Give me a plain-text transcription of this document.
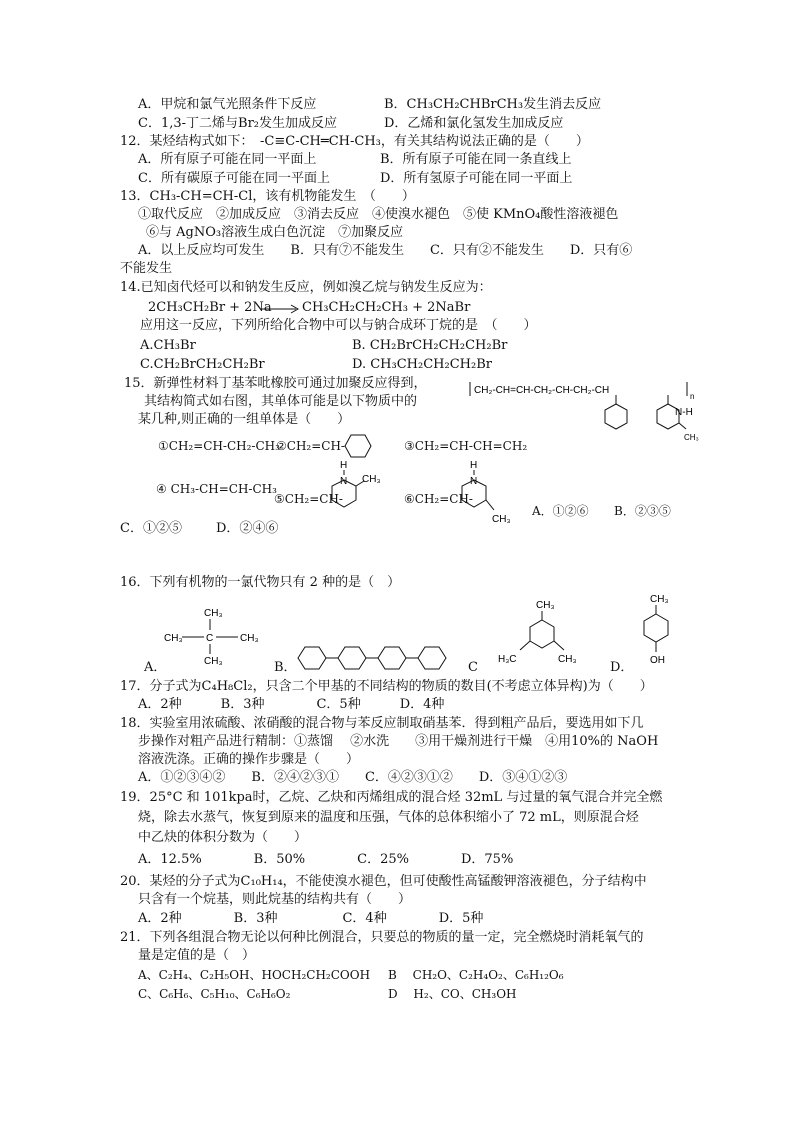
A．甲烷和氯气光照条件下反应	B．CH₃CH₂CHBrCH₃发生消去反应
C．1,3-丁二烯与Br₂发生加成反应	D．乙烯和氯化氢发生加成反应
12．某烃结构式如下：　-C≡C-CH═CH-CH₃，有关其结构说法正确的是（　　）
A．所有原子可能在同一平面上	B．所有原子可能在同一条直线上
C．所有碳原子可能在同一平面上	D．所有氢原子可能在同一平面上
13．CH₃-CH=CH-Cl，该有机物能发生　（　　）
①取代反应　②加成反应　③消去反应　④使溴水褪色　⑤使 KMnO₄酸性溶液褪色
⑥与 AgNO₃溶液生成白色沉淀　⑦加聚反应
A．以上反应均可发生　　B．只有⑦不能发生　　C．只有②不能发生　　D．只有⑥
不能发生
14.已知卤代烃可以和钠发生反应，例如溴乙烷与钠发生反应为：
2CH₃CH₂Br + 2Na → CH₃CH₂CH₂CH₃ + 2NaBr
应用这一反应，下列所给化合物中可以与钠合成环丁烷的是　（　　）
A.CH₃Br	B. CH₂BrCH₂CH₂CH₂Br
C.CH₂BrCH₂CH₂Br	D. CH₃CH₂CH₂CH₂Br
15．新弹性材料丁基苯吡橡胶可通过加聚反应得到，
其结构简式如右图，其单体可能是以下物质中的
某几种,则正确的一组单体是（　　）
CH₂-CH=CH-CH₂-CH-CH₂-CH
n
N-H
CH₃
①CH₂=CH-CH₂-CH₃
②CH₂=CH-	③CH₂=CH-CH=CH₂
④ CH₃-CH=CH-CH₃
⑤CH₂=CH-
H
N CH₃
⑥CH₂=CH-
H
N
CH₃
A．①②⑥ B．②③⑤
C．①②⑤	D．②④⑥
16．下列有机物的一氯代物只有 2 种的是（　）
A．
CH₃
CH₃ C	CH₃
CH₃	B．	C
CH₃
H₃C	CH₃
D．
CH₃
OH
17．分子式为C₄H₈Cl₂，只含二个甲基的不同结构的物质的数目(不考虑立体异构)为（　　）
A．2种　　　B．3种　　　　C．5种　　　D．4种
18．实验室用浓硫酸、浓硝酸的混合物与苯反应制取硝基苯．得到粗产品后，要选用如下几
步操作对粗产品进行精制：①蒸馏　 ②水洗　　③用干燥剂进行干燥　④用10%的 NaOH
溶液洗涤。正确的操作步骤是（　　）
A．①②③④②　　B．②④②③①　　C．④②③①②　　D．③④①②③
19．25°C 和 101kpa时，乙烷、乙炔和丙烯组成的混合烃 32mL 与过量的氧气混合并完全燃
烧，除去水蒸气，恢复到原来的温度和压强，气体的总体积缩小了 72 mL，则原混合烃
中乙炔的体积分数为（　　）
A．12.5%　　　　B．50%　　　　C．25%　　　　D．75%
20．某烃的分子式为C₁₀H₁₄，不能使溴水褪色，但可使酸性高锰酸钾溶液褪色，分子结构中
只含有一个烷基，则此烷基的结构共有（　　）
A．2种　　　　B．3种　　　　　C．4种　　　　D．5种
21．下列各组混合物无论以何种比例混合，只要总的物质的量一定，完全燃烧时消耗氧气的
量是定值的是（　）
A、C₂H₄、C₂H₅OH、HOCH₂CH₂COOH B　 CH₂O、C₂H₄O₂、C₆H₁₂O₆
C、C₆H₆、C₅H₁₀、C₆H₆O₂	D　 H₂、CO、CH₃OH
